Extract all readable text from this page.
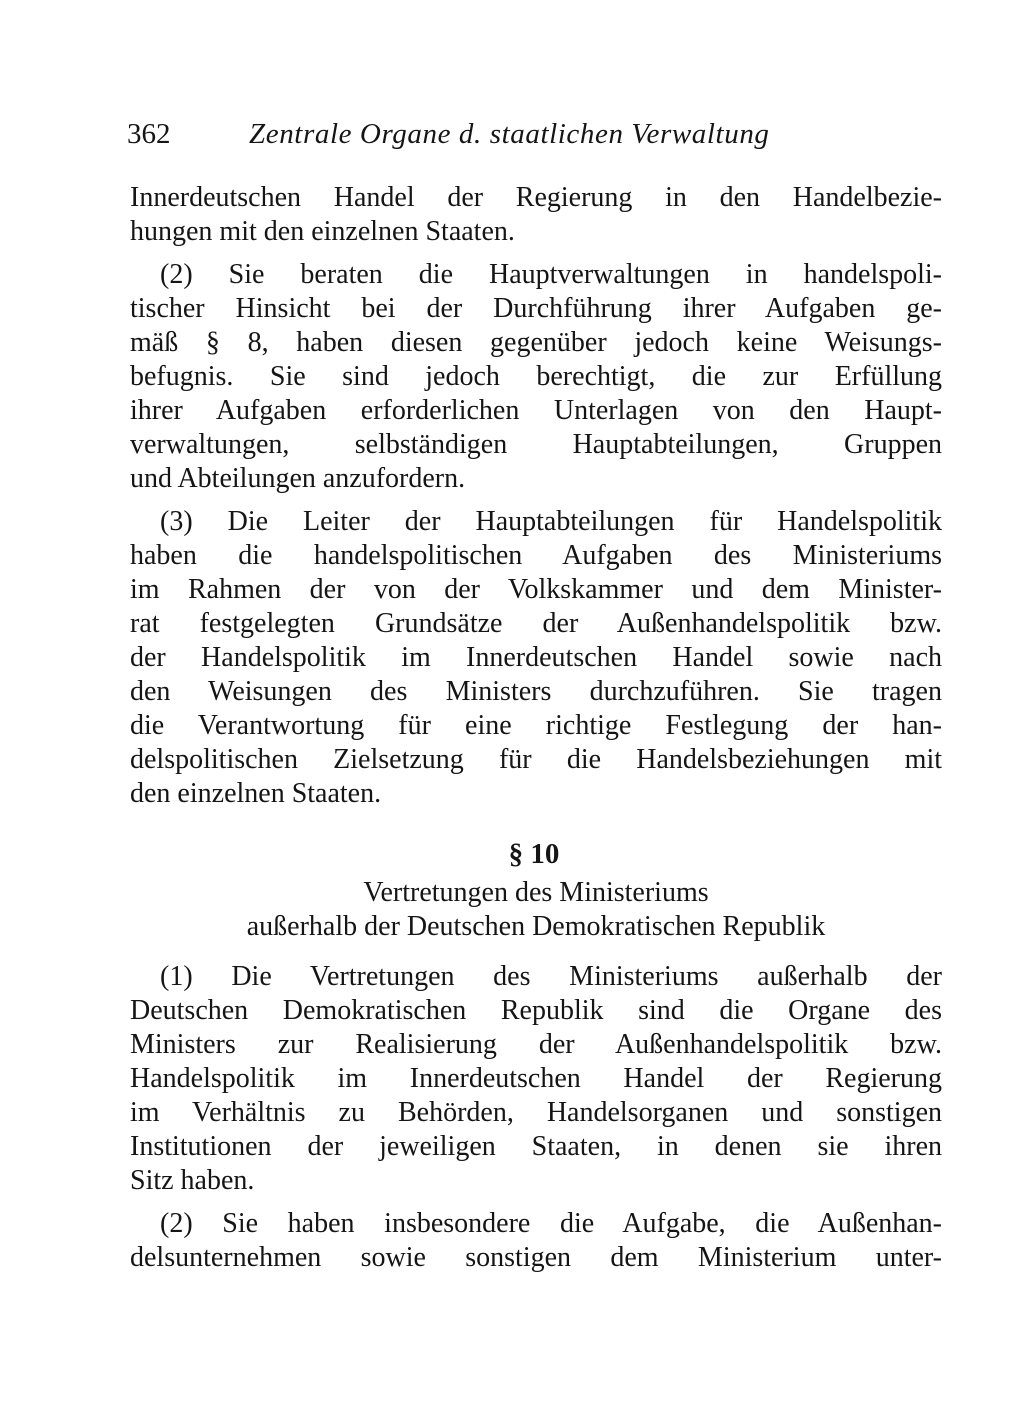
362	Zentrale Organe d. staatlichen Verwaltung
Innerdeutschen Handel der Regierung in den Handelbezie-
hungen mit den einzelnen Staaten.
(2) Sie beraten die Hauptverwaltungen in handelspoli-
tischer Hinsicht bei der Durchführung ihrer Aufgaben ge-
mäß § 8, haben diesen gegenüber jedoch keine Weisungs-
befugnis. Sie sind jedoch berechtigt, die zur Erfüllung
ihrer Aufgaben erforderlichen Unterlagen von den Haupt-
verwaltungen, selbständigen Hauptabteilungen, Gruppen
und Abteilungen anzufordern.
(3) Die Leiter der Hauptabteilungen für Handelspolitik
haben die handelspolitischen Aufgaben des Ministeriums
im Rahmen der von der Volkskammer und dem Minister-
rat festgelegten Grundsätze der Außenhandelspolitik bzw.
der Handelspolitik im Innerdeutschen Handel sowie nach
den Weisungen des Ministers durchzuführen. Sie tragen
die Verantwortung für eine richtige Festlegung der han-
delspolitischen Zielsetzung für die Handelsbeziehungen mit
den einzelnen Staaten.
§ 10
Vertretungen des Ministeriums
außerhalb der Deutschen Demokratischen Republik
(1) Die Vertretungen des Ministeriums außerhalb der
Deutschen Demokratischen Republik sind die Organe des
Ministers zur Realisierung der Außenhandelspolitik bzw.
Handelspolitik im Innerdeutschen Handel der Regierung
im Verhältnis zu Behörden, Handelsorganen und sonstigen
Institutionen der jeweiligen Staaten, in denen sie ihren
Sitz haben.
(2) Sie haben insbesondere die Aufgabe, die Außenhan-
delsunternehmen sowie sonstigen dem Ministerium unter-
